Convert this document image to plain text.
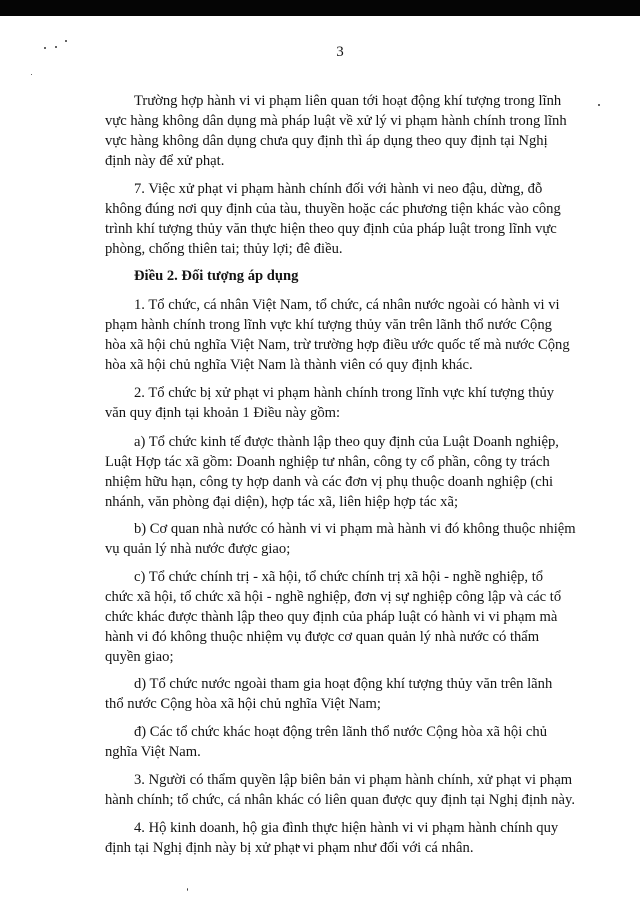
3
Trường hợp hành vi vi phạm liên quan tới hoạt động khí tượng trong lĩnh
vực hàng không dân dụng mà pháp luật về xử lý vi phạm hành chính trong lĩnh
vực hàng không dân dụng chưa quy định thì áp dụng theo quy định tại Nghị
định này để xử phạt.
7. Việc xử phạt vi phạm hành chính đối với hành vi neo đậu, dừng, đỗ
không đúng nơi quy định của tàu, thuyền hoặc các phương tiện khác vào công
trình khí tượng thủy văn thực hiện theo quy định của pháp luật trong lĩnh vực
phòng, chống thiên tai; thủy lợi; đê điều.
Điều 2. Đối tượng áp dụng
1. Tổ chức, cá nhân Việt Nam, tổ chức, cá nhân nước ngoài có hành vi vi
phạm hành chính trong lĩnh vực khí tượng thủy văn trên lãnh thổ nước Cộng
hòa xã hội chủ nghĩa Việt Nam, trừ trường hợp điều ước quốc tế mà nước Cộng
hòa xã hội chủ nghĩa Việt Nam là thành viên có quy định khác.
2. Tổ chức bị xử phạt vi phạm hành chính trong lĩnh vực khí tượng thủy
văn quy định tại khoản 1 Điều này gồm:
a) Tổ chức kinh tế được thành lập theo quy định của Luật Doanh nghiệp,
Luật Hợp tác xã gồm: Doanh nghiệp tư nhân, công ty cổ phần, công ty trách
nhiệm hữu hạn, công ty hợp danh và các đơn vị phụ thuộc doanh nghiệp (chi
nhánh, văn phòng đại diện), hợp tác xã, liên hiệp hợp tác xã;
b) Cơ quan nhà nước có hành vi vi phạm mà hành vi đó không thuộc nhiệm
vụ quản lý nhà nước được giao;
c) Tổ chức chính trị - xã hội, tổ chức chính trị xã hội - nghề nghiệp, tổ
chức xã hội, tổ chức xã hội - nghề nghiệp, đơn vị sự nghiệp công lập và các tổ
chức khác được thành lập theo quy định của pháp luật có hành vi vi phạm mà
hành vi đó không thuộc nhiệm vụ được cơ quan quản lý nhà nước có thẩm
quyền giao;
d) Tổ chức nước ngoài tham gia hoạt động khí tượng thủy văn trên lãnh
thổ nước Cộng hòa xã hội chủ nghĩa Việt Nam;
đ) Các tổ chức khác hoạt động trên lãnh thổ nước Cộng hòa xã hội chủ
nghĩa Việt Nam.
3. Người có thẩm quyền lập biên bản vi phạm hành chính, xử phạt vi phạm
hành chính; tổ chức, cá nhân khác có liên quan được quy định tại Nghị định này.
4. Hộ kinh doanh, hộ gia đình thực hiện hành vi vi phạm hành chính quy
định tại Nghị định này bị xử phạt vi phạm như đối với cá nhân.
